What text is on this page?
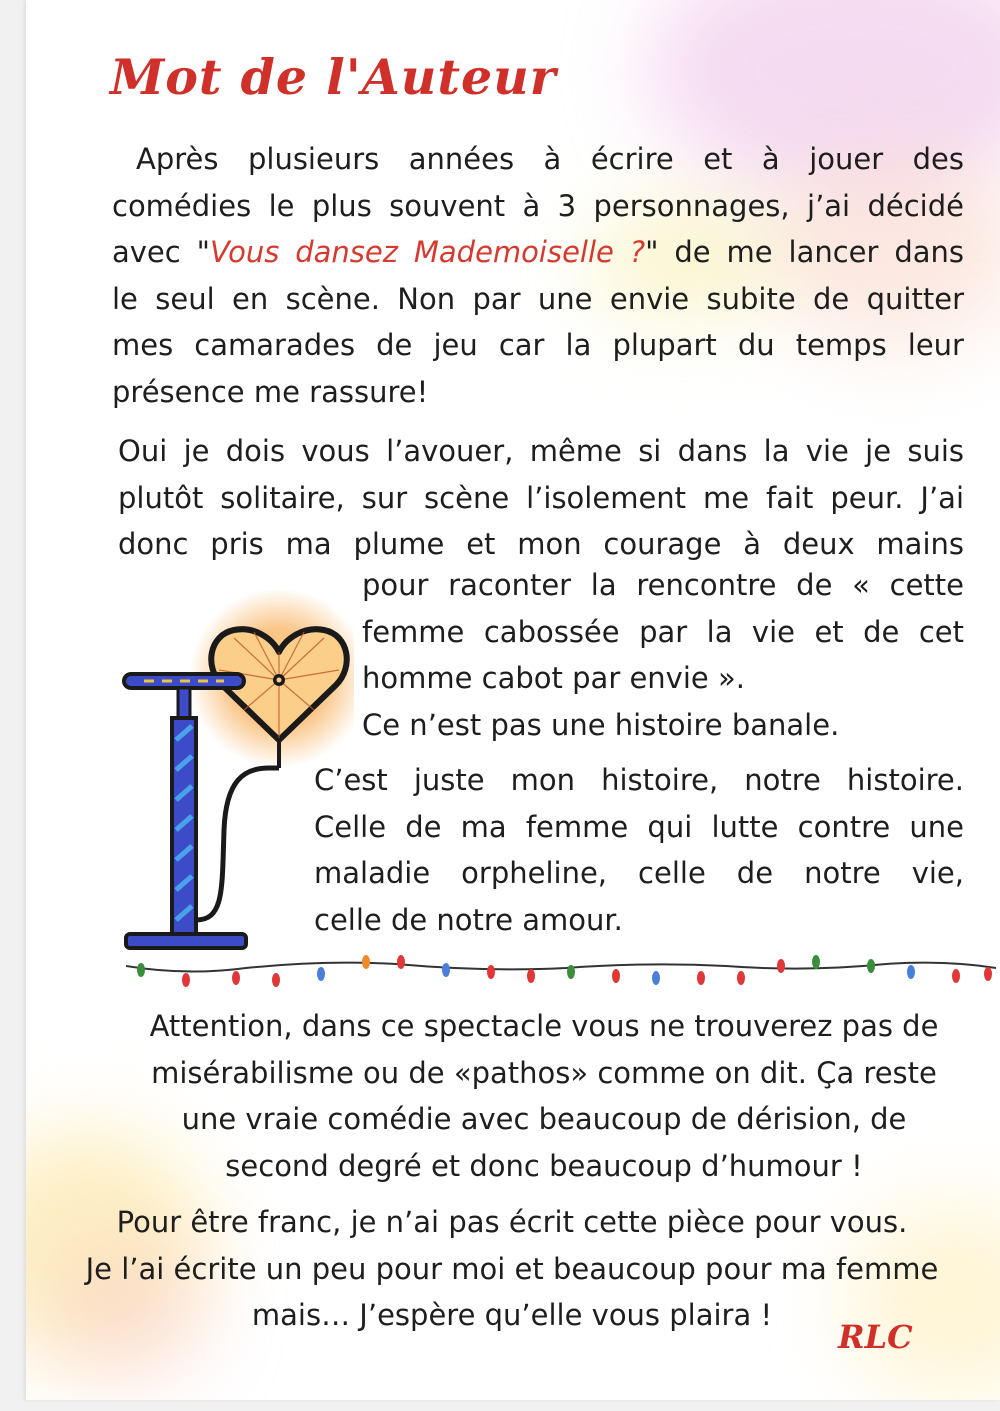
Mot de l'Auteur
Après plusieurs années à écrire et à jouer des
comédies le plus souvent à 3 personnages, j’ai décidé
avec "Vous dansez Mademoiselle ?" de me lancer dans
le seul en scène. Non par une envie subite de quitter
mes camarades de jeu car la plupart du temps leur
présence me rassure!
Oui je dois vous l’avouer, même si dans la vie je suis
plutôt solitaire, sur scène l’isolement me fait peur. J’ai
donc pris ma plume et mon courage à deux mains
pour raconter la rencontre de « cette
femme cabossée par la vie et de cet
homme cabot par envie ».
Ce n’est pas une histoire banale.
C’est juste mon histoire, notre histoire.
Celle de ma femme qui lutte contre une
maladie orpheline, celle de notre vie,
celle de notre amour.
Attention, dans ce spectacle vous ne trouverez pas de
misérabilisme ou de «pathos» comme on dit. Ça reste
une vraie comédie avec beaucoup de dérision, de
second degré et donc beaucoup d’humour !
Pour être franc, je n’ai pas écrit cette pièce pour vous.
Je l’ai écrite un peu pour moi et beaucoup pour ma femme
mais… J’espère qu’elle vous plaira !
RLC
